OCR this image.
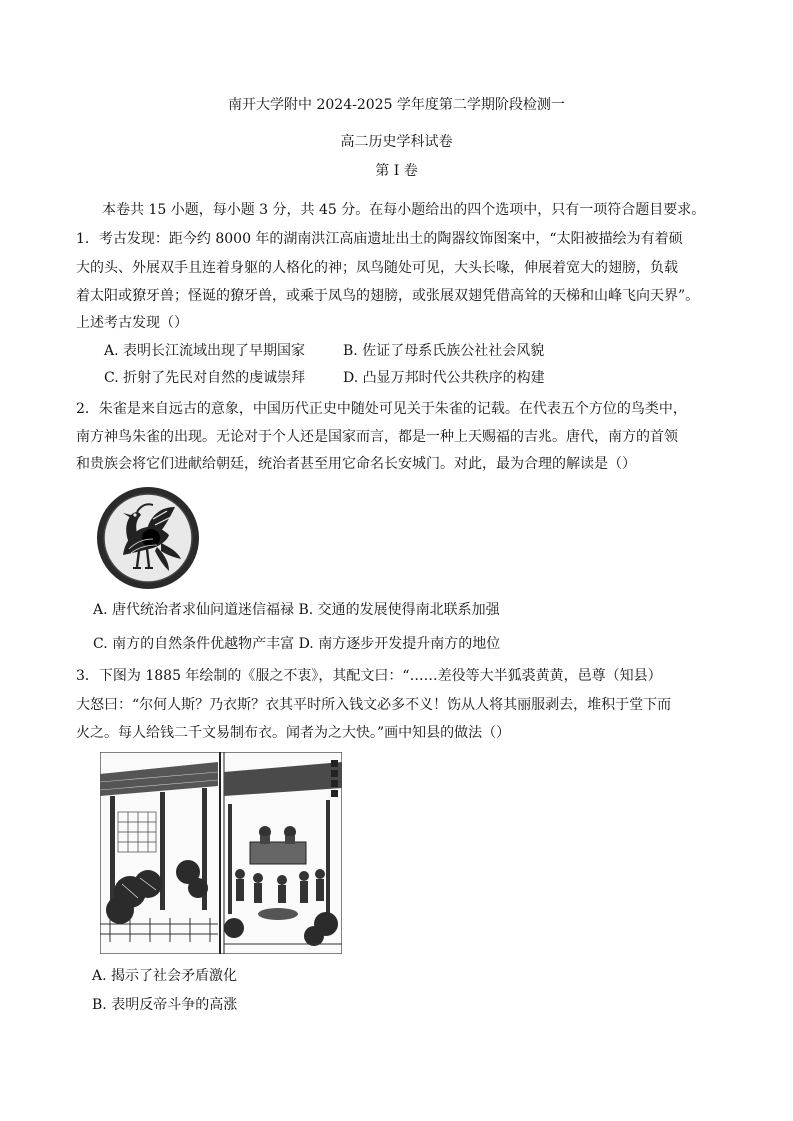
南开大学附中 2024-2025 学年度第二学期阶段检测一
高二历史学科试卷
第 I 卷
本卷共 15 小题，每小题 3 分，共 45 分。在每小题给出的四个选项中，只有一项符合题目要求。
1．考古发现：距今约 8000 年的湖南洪江高庙遗址出土的陶器纹饰图案中，“太阳被描绘为有着硕
大的头、外展双手且连着身躯的人格化的神；凤鸟随处可见，大头长喙，伸展着宽大的翅膀，负载
着太阳或獠牙兽；怪诞的獠牙兽，或乘于凤鸟的翅膀，或张展双翅凭借高耸的天梯和山峰飞向天界”。
上述考古发现（）
A. 表明长江流域出现了早期国家	B. 佐证了母系氏族公社社会风貌
C. 折射了先民对自然的虔诚崇拜	D. 凸显万邦时代公共秩序的构建
2．朱雀是来自远古的意象，中国历代正史中随处可见关于朱雀的记载。在代表五个方位的鸟类中，
南方神鸟朱雀的出现。无论对于个人还是国家而言，都是一种上天赐福的吉兆。唐代，南方的首领
和贵族会将它们进献给朝廷，统治者甚至用它命名长安城门。对此，最为合理的解读是（）
A. 唐代统治者求仙问道迷信福禄 B. 交通的发展使得南北联系加强
C. 南方的自然条件优越物产丰富 D. 南方逐步开发提升南方的地位
3．下图为 1885 年绘制的《服之不衷》，其配文曰：“……差役等大半狐裘黄黄，邑尊（知县）
大怒曰：“尔何人斯？乃衣斯？衣其平时所入钱文必多不义！饬从人将其丽服剥去，堆积于堂下而
火之。每人给钱二千文易制布衣。闻者为之大快。”画中知县的做法（）
A. 揭示了社会矛盾激化
B. 表明反帝斗争的高涨
